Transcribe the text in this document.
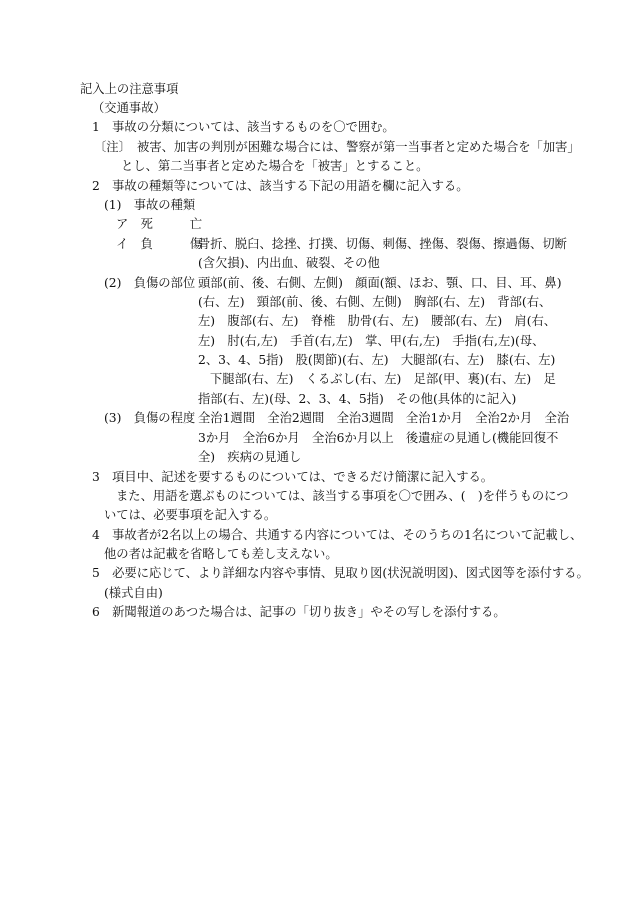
記入上の注意事項
（交通事故）
1　事故の分類については、該当するものを〇で囲む。
〔注〕　被害、加害の判別が困難な場合には、警察が第一当事者と定めた場合を「加害」
とし、第二当事者と定めた場合を「被害」とすること。
2　事故の種類等については、該当する下記の用語を欄に記入する。
(1)　事故の種類
ア　死　　　亡
イ　負　　　傷
骨折、脱臼、捻挫、打撲、切傷、刺傷、挫傷、裂傷、擦過傷、切断
(含欠損)、内出血、破裂、その他
(2)　負傷の部位 頭部(前、後、右側、左側)　顔面(額、ほお、顎、口、目、耳、鼻)
(右、左)　頸部(前、後、右側、左側)　胸部(右、左)　背部(右、
左)　腹部(右、左)　脊椎　肋骨(右、左)　腰部(右、左)　肩(右、
左)　肘(右,左)　手首(右,左)　掌、甲(右,左)　手指(右,左)(母、
2、3、4、5指)　股(関節)(右、左)　大腿部(右、左)　膝(右、左)
下腿部(右、左)　くるぶし(右、左)　足部(甲、裏)(右、左)　足
指部(右、左)(母、2、3、4、5指)　その他(具体的に記入)
(3)　負傷の程度 全治1週間　全治2週間　全治3週間　全治1か月　全治2か月　全治
3か月　全治6か月　全治6か月以上　後遺症の見通し(機能回復不
全)　疾病の見通し
3　項目中、記述を要するものについては、できるだけ簡潔に記入する。
また、用語を選ぶものについては、該当する事項を〇で囲み、(　)を伴うものにつ
いては、必要事項を記入する。
4　事故者が2名以上の場合、共通する内容については、そのうちの1名について記載し、
他の者は記載を省略しても差し支えない。
5　必要に応じて、より詳細な内容や事情、見取り図(状況説明図)、図式図等を添付する。
(様式自由)
6　新聞報道のあつた場合は、記事の「切り抜き」やその写しを添付する。
